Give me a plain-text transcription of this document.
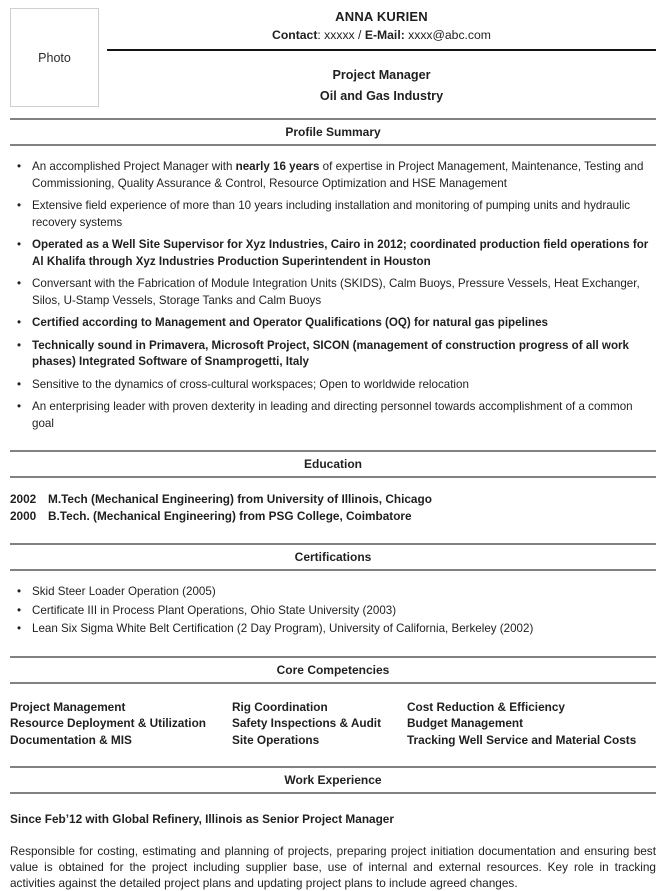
Photo
ANNA KURIEN
Contact: xxxxx / E-Mail: xxxx@abc.com
Project Manager
Oil and Gas Industry
Profile Summary
• An accomplished Project Manager with nearly 16 years of expertise in Project Management, Maintenance, Testing and Commissioning, Quality Assurance & Control, Resource Optimization and HSE Management
• Extensive field experience of more than 10 years including installation and monitoring of pumping units and hydraulic recovery systems
• Operated as a Well Site Supervisor for Xyz Industries, Cairo in 2012; coordinated production field operations for Al Khalifa through Xyz Industries Production Superintendent in Houston
• Conversant with the Fabrication of Module Integration Units (SKIDS), Calm Buoys, Pressure Vessels, Heat Exchanger, Silos, U-Stamp Vessels, Storage Tanks and Calm Buoys
• Certified according to Management and Operator Qualifications (OQ) for natural gas pipelines
• Technically sound in Primavera, Microsoft Project, SICON (management of construction progress of all work phases) Integrated Software of Snamprogetti, Italy
• Sensitive to the dynamics of cross-cultural workspaces; Open to worldwide relocation
• An enterprising leader with proven dexterity in leading and directing personnel towards accomplishment of a common goal
Education
2002 M.Tech (Mechanical Engineering) from University of Illinois, Chicago
2000 B.Tech. (Mechanical Engineering) from PSG College, Coimbatore
Certifications
• Skid Steer Loader Operation (2005)
• Certificate III in Process Plant Operations, Ohio State University (2003)
• Lean Six Sigma White Belt Certification (2 Day Program), University of California, Berkeley (2002)
Core Competencies
Project Management
Resource Deployment & Utilization
Documentation & MIS
Rig Coordination
Safety Inspections & Audit
Site Operations
Cost Reduction & Efficiency
Budget Management
Tracking Well Service and Material Costs
Work Experience
Since Feb’12 with Global Refinery, Illinois as Senior Project Manager

Responsible for costing, estimating and planning of projects, preparing project initiation documentation and ensuring best value is obtained for the project including supplier base, use of internal and external resources. Key role in tracking activities against the detailed project plans and updating project plans to include agreed changes.
